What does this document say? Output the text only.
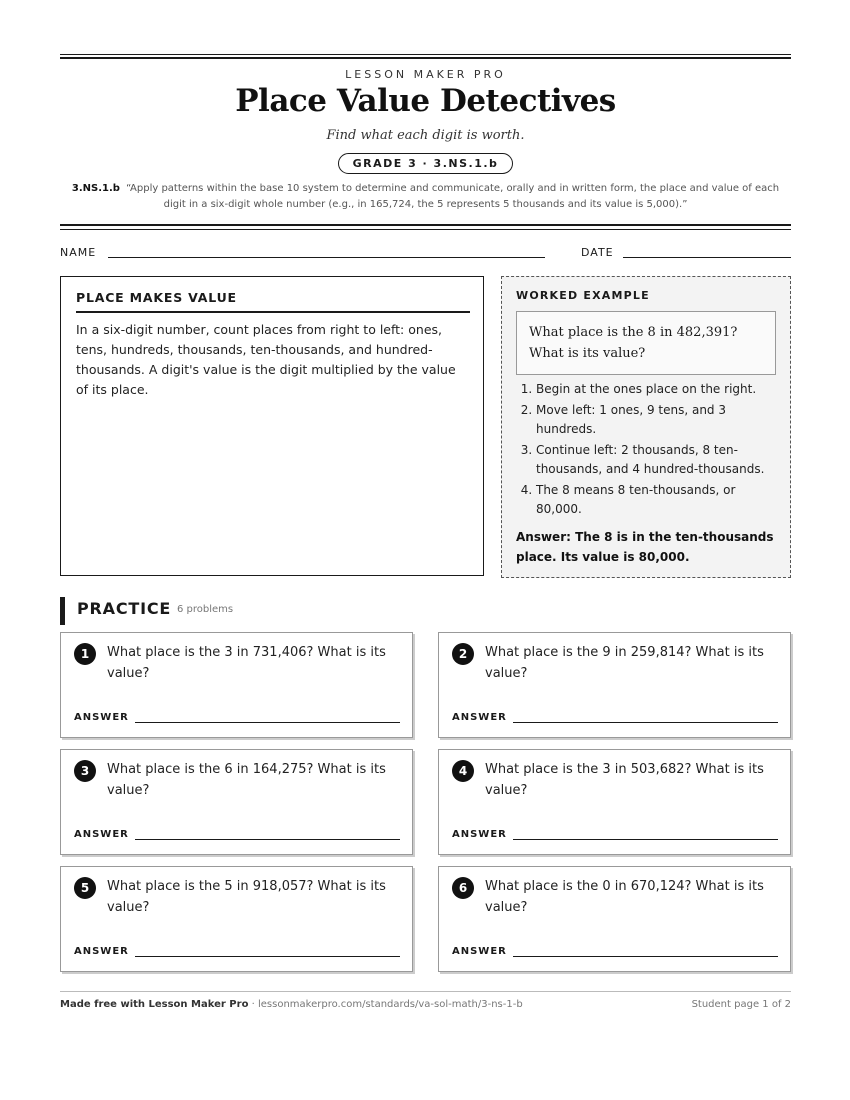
LESSON MAKER PRO
Place Value Detectives
Find what each digit is worth.
GRADE 3 · 3.NS.1.b
3.NS.1.b “Apply patterns within the base 10 system to determine and communicate, orally and in written form, the place and value of each digit in a six-digit whole number (e.g., in 165,724, the 5 represents 5 thousands and its value is 5,000).”
NAME	DATE
PLACE MAKES VALUE
In a six-digit number, count places from right to left: ones, tens, hundreds, thousands, ten-thousands, and hundred-thousands. A digit's value is the digit multiplied by the value of its place.
WORKED EXAMPLE
What place is the 8 in 482,391? What is its value?
1. Begin at the ones place on the right.
2. Move left: 1 ones, 9 tens, and 3 hundreds.
3. Continue left: 2 thousands, 8 ten-thousands, and 4 hundred-thousands.
4. The 8 means 8 ten-thousands, or 80,000.
Answer: The 8 is in the ten-thousands place. Its value is 80,000.
PRACTICE 6 problems
1	What place is the 3 in 731,406? What is its value?
ANSWER
2	What place is the 9 in 259,814? What is its value?
ANSWER
3	What place is the 6 in 164,275? What is its value?
ANSWER
4	What place is the 3 in 503,682? What is its value?
ANSWER
5	What place is the 5 in 918,057? What is its value?
ANSWER
6	What place is the 0 in 670,124? What is its value?
ANSWER
Made free with Lesson Maker Pro · lessonmakerpro.com/standards/va-sol-math/3-ns-1-b	Student page 1 of 2
